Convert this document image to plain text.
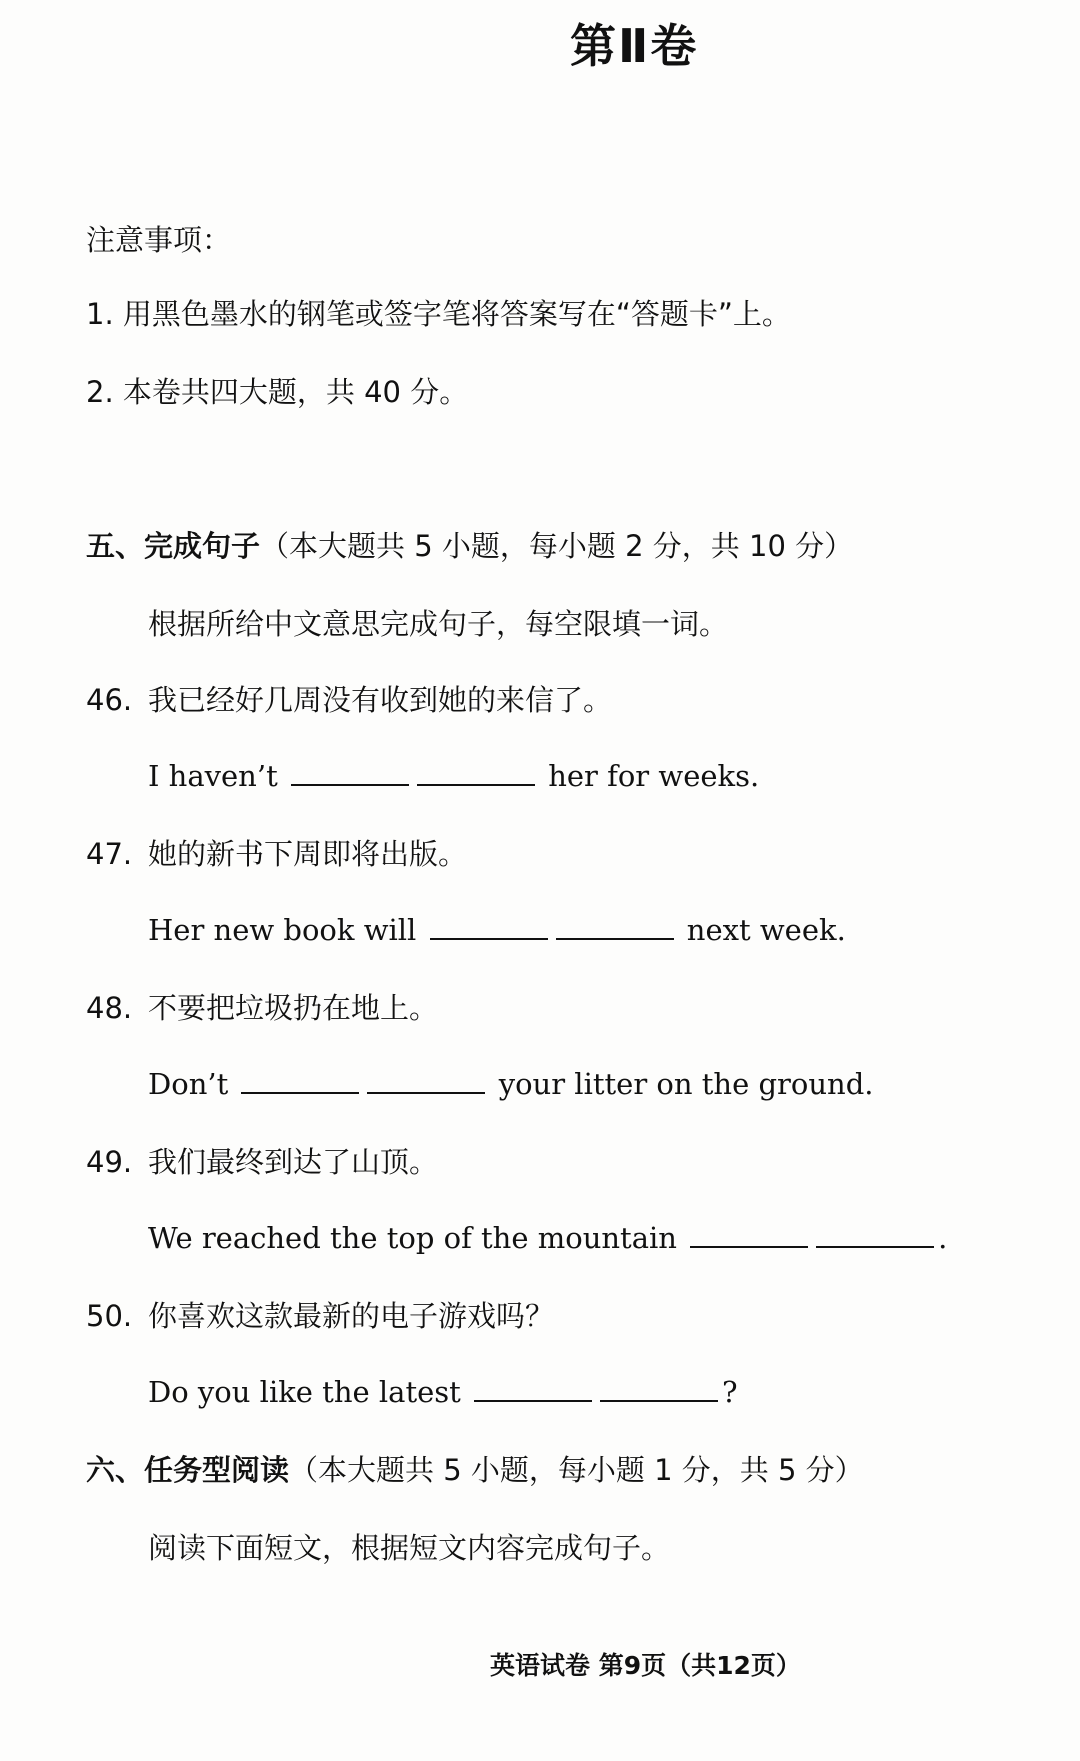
第Ⅱ卷
注意事项：
1. 用黑色墨水的钢笔或签字笔将答案写在“答题卡”上。
2. 本卷共四大题，共 40 分。
五、完成句子（本大题共 5 小题，每小题 2 分，共 10 分）
根据所给中文意思完成句子，每空限填一词。
46. 我已经好几周没有收到她的来信了。
I haven’t	her for weeks.
47. 她的新书下周即将出版。
Her new book will	next week.
48. 不要把垃圾扔在地上。
Don’t	your litter on the ground.
49. 我们最终到达了山顶。
We reached the top of the mountain	.
50. 你喜欢这款最新的电子游戏吗？
Do you like the latest	?
六、任务型阅读（本大题共 5 小题，每小题 1 分，共 5 分）
阅读下面短文，根据短文内容完成句子。
英语试卷 第9页（共12页）
